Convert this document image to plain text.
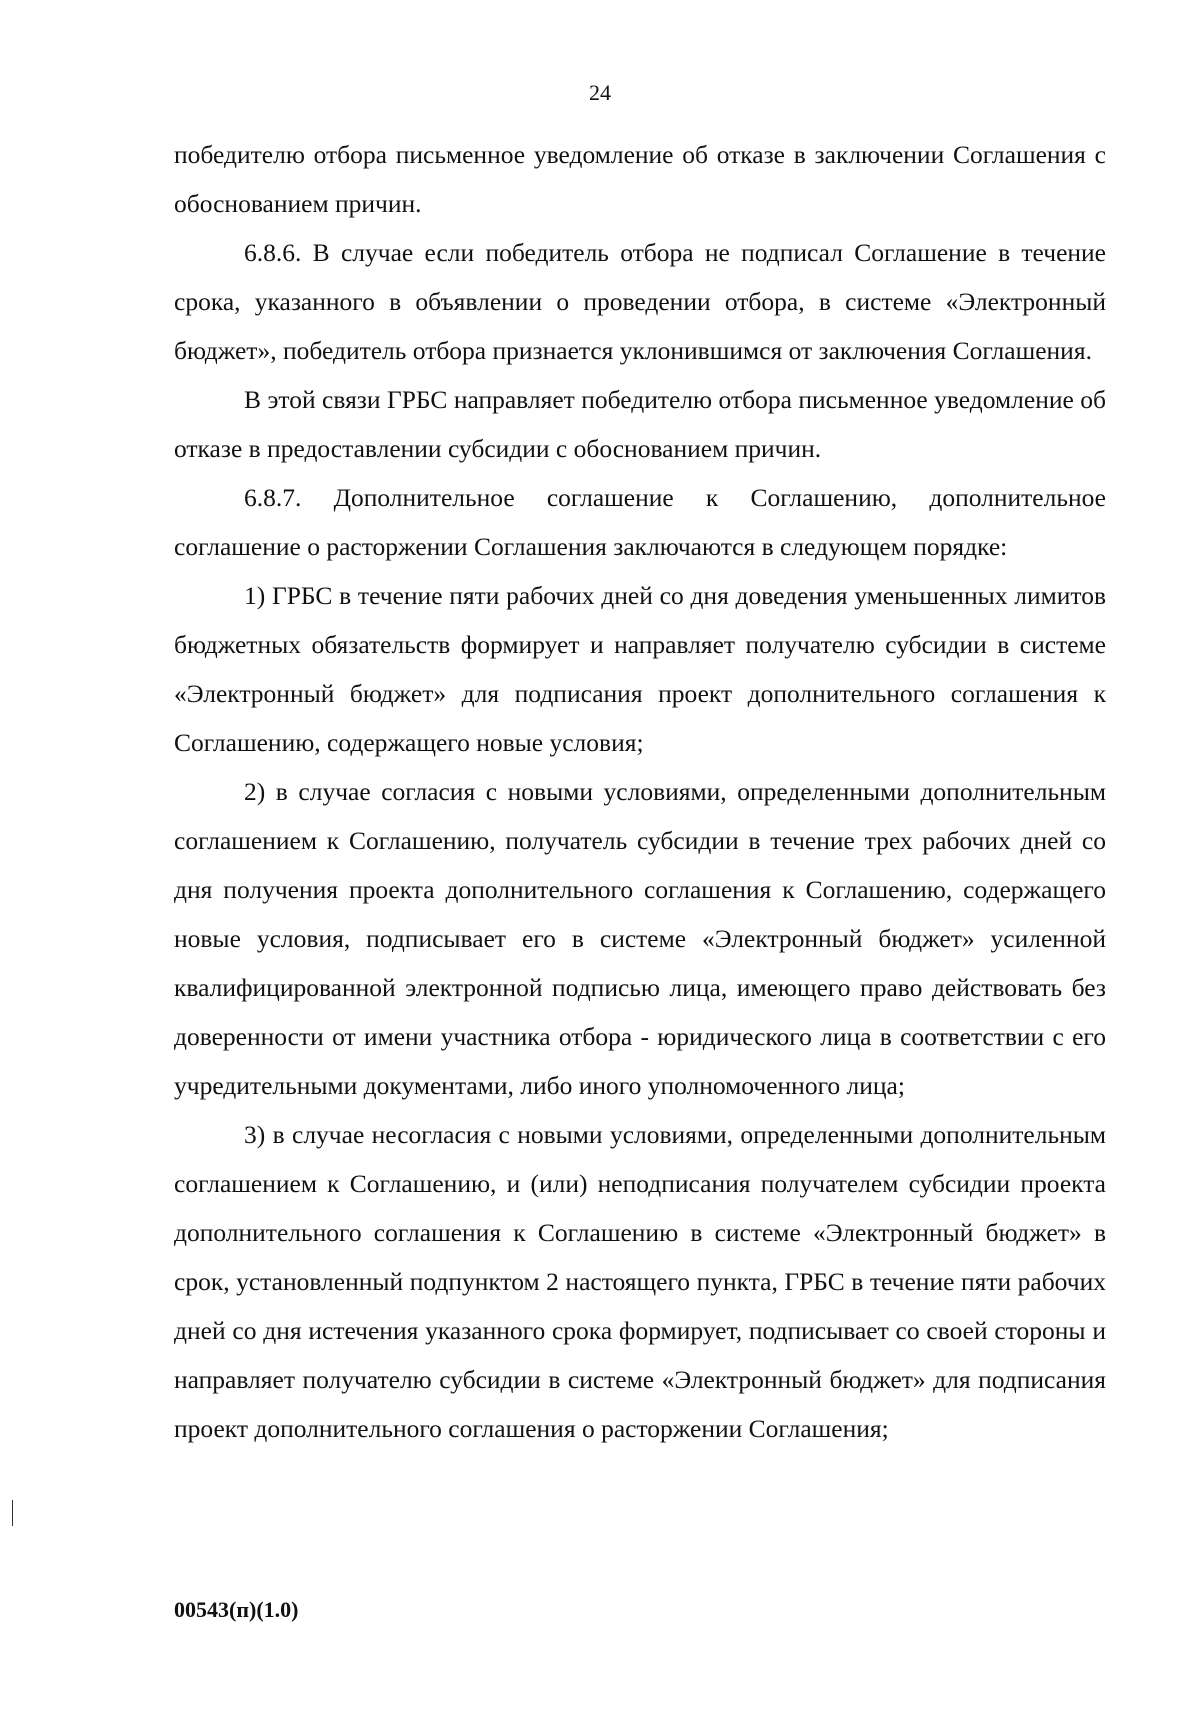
24

победителю отбора письменное уведомление об отказе в заключении Соглашения с обоснованием причин.

6.8.6. В случае если победитель отбора не подписал Соглашение в течение срока, указанного в объявлении о проведении отбора, в системе «Электронный бюджет», победитель отбора признается уклонившимся от заключения Соглашения.

В этой связи ГРБС направляет победителю отбора письменное уведомление об отказе в предоставлении субсидии с обоснованием причин.

6.8.7. Дополнительное соглашение к Соглашению, дополнительное соглашение о расторжении Соглашения заключаются в следующем порядке:

1) ГРБС в течение пяти рабочих дней со дня доведения уменьшенных лимитов бюджетных обязательств формирует и направляет получателю субсидии в системе «Электронный бюджет» для подписания проект дополнительного соглашения к Соглашению, содержащего новые условия;

2) в случае согласия с новыми условиями, определенными дополнительным соглашением к Соглашению, получатель субсидии в течение трех рабочих дней со дня получения проекта дополнительного соглашения к Соглашению, содержащего новые условия, подписывает его в системе «Электронный бюджет» усиленной квалифицированной электронной подписью лица, имеющего право действовать без доверенности от имени участника отбора - юридического лица в соответствии с его учредительными документами, либо иного уполномоченного лица;

3) в случае несогласия с новыми условиями, определенными дополнительным соглашением к Соглашению, и (или) неподписания получателем субсидии проекта дополнительного соглашения к Соглашению в системе «Электронный бюджет» в срок, установленный подпунктом 2 настоящего пункта, ГРБС в течение пяти рабочих дней со дня истечения указанного срока формирует, подписывает со своей стороны и направляет получателю субсидии в системе «Электронный бюджет» для подписания проект дополнительного соглашения о расторжении Соглашения;

00543(п)(1.0)
